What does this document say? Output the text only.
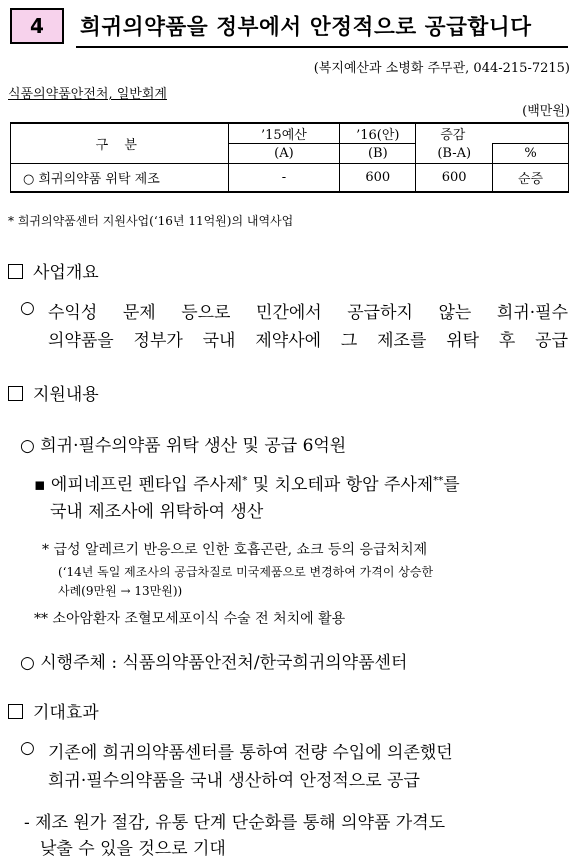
4	희귀의약품을 정부에서 안정적으로 공급합니다
(복지예산과 소병화 주무관, 044-215-7215)
식품의약품안전처, 일반회계
(백만원)
구 분	’15예산	’16(안)	증감	
	(A)	(B)	(B-A)	%
○ 희귀의약품 위탁 제조	-	600	600	순증
* 희귀의약품센터 지원사업(‘16년 11억원)의 내역사업
사업개요
○ 수익성 문제 등으로 민간에서 공급하지 않는 희귀·필수
의약품을 정부가 국내 제약사에 그 제조를 위탁 후 공급
지원내용
○ 희귀·필수의약품 위탁 생산 및 공급 6억원
▪ 에피네프린 펜타입 주사제* 및 치오테파 항암 주사제**를
국내 제조사에 위탁하여 생산
* 급성 알레르기 반응으로 인한 호흡곤란, 쇼크 등의 응급처치제
(‘14년 독일 제조사의 공급차질로 미국제품으로 변경하여 가격이 상승한
사례(9만원 → 13만원))
** 소아암환자 조혈모세포이식 수술 전 처치에 활용
○ 시행주체 : 식품의약품안전처/한국희귀의약품센터
기대효과
○ 기존에 희귀의약품센터를 통하여 전량 수입에 의존했던
희귀·필수의약품을 국내 생산하여 안정적으로 공급
- 제조 원가 절감, 유통 단계 단순화를 통해 의약품 가격도
낮출 수 있을 것으로 기대
